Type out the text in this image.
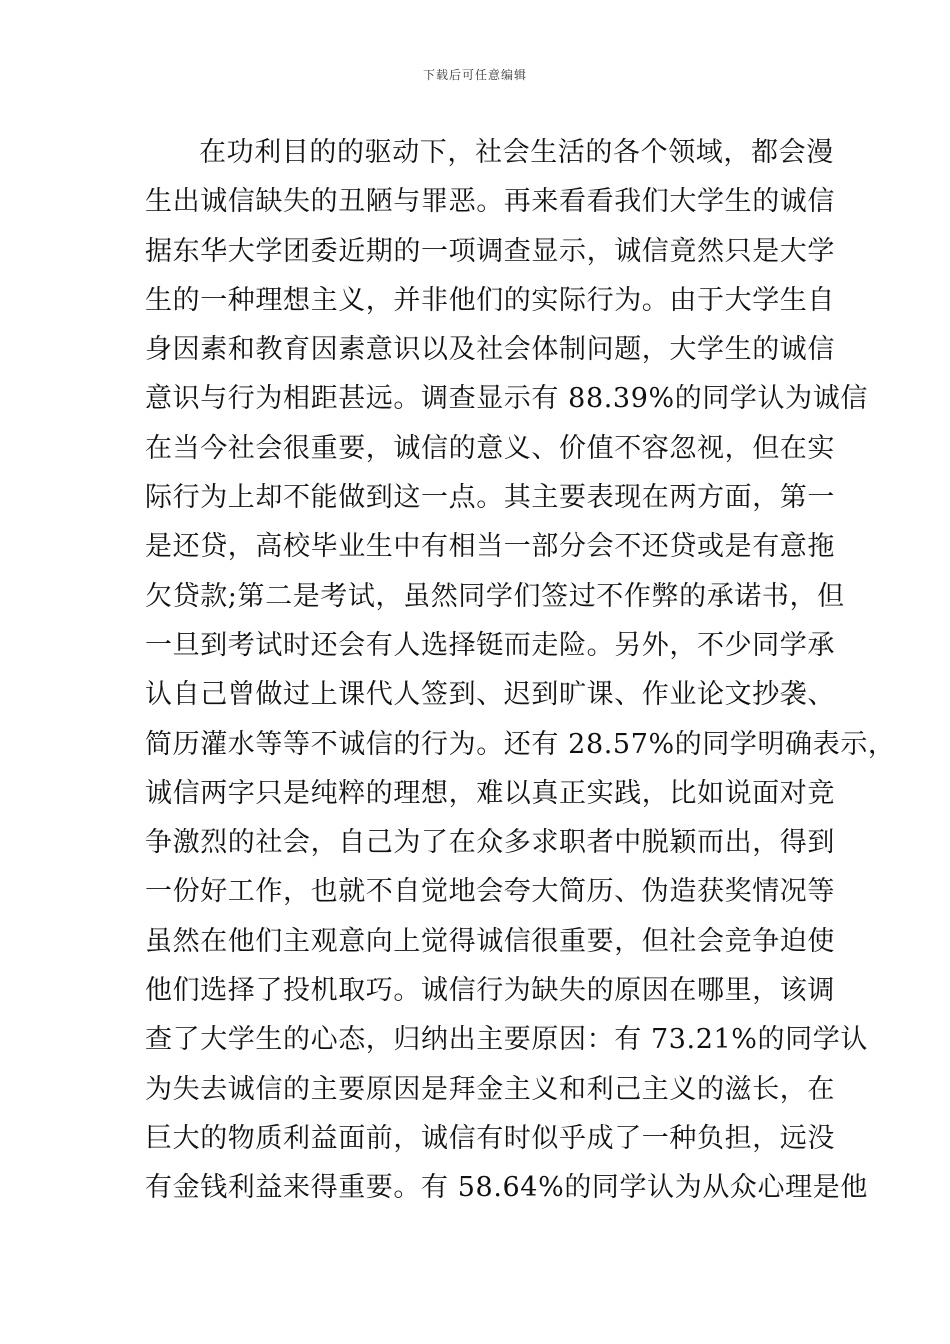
下载后可任意编辑
在功利目的的驱动下，社会生活的各个领域，都会漫
生出诚信缺失的丑陋与罪恶。再来看看我们大学生的诚信
据东华大学团委近期的一项调查显示，诚信竟然只是大学
生的一种理想主义，并非他们的实际行为。由于大学生自
身因素和教育因素意识以及社会体制问题，大学生的诚信
意识与行为相距甚远。调查显示有 88.39%的同学认为诚信
在当今社会很重要，诚信的意义、价值不容忽视，但在实
际行为上却不能做到这一点。其主要表现在两方面，第一
是还贷，高校毕业生中有相当一部分会不还贷或是有意拖
欠贷款;第二是考试，虽然同学们签过不作弊的承诺书，但
一旦到考试时还会有人选择铤而走险。另外，不少同学承
认自己曾做过上课代人签到、迟到旷课、作业论文抄袭、
简历灌水等等不诚信的行为。还有 28.57%的同学明确表示，
诚信两字只是纯粹的理想，难以真正实践，比如说面对竞
争激烈的社会，自己为了在众多求职者中脱颖而出，得到
一份好工作，也就不自觉地会夸大简历、伪造获奖情况等
虽然在他们主观意向上觉得诚信很重要，但社会竞争迫使
他们选择了投机取巧。诚信行为缺失的原因在哪里，该调
查了大学生的心态，归纳出主要原因：有 73.21%的同学认
为失去诚信的主要原因是拜金主义和利己主义的滋长，在
巨大的物质利益面前，诚信有时似乎成了一种负担，远没
有金钱利益来得重要。有 58.64%的同学认为从众心理是他
